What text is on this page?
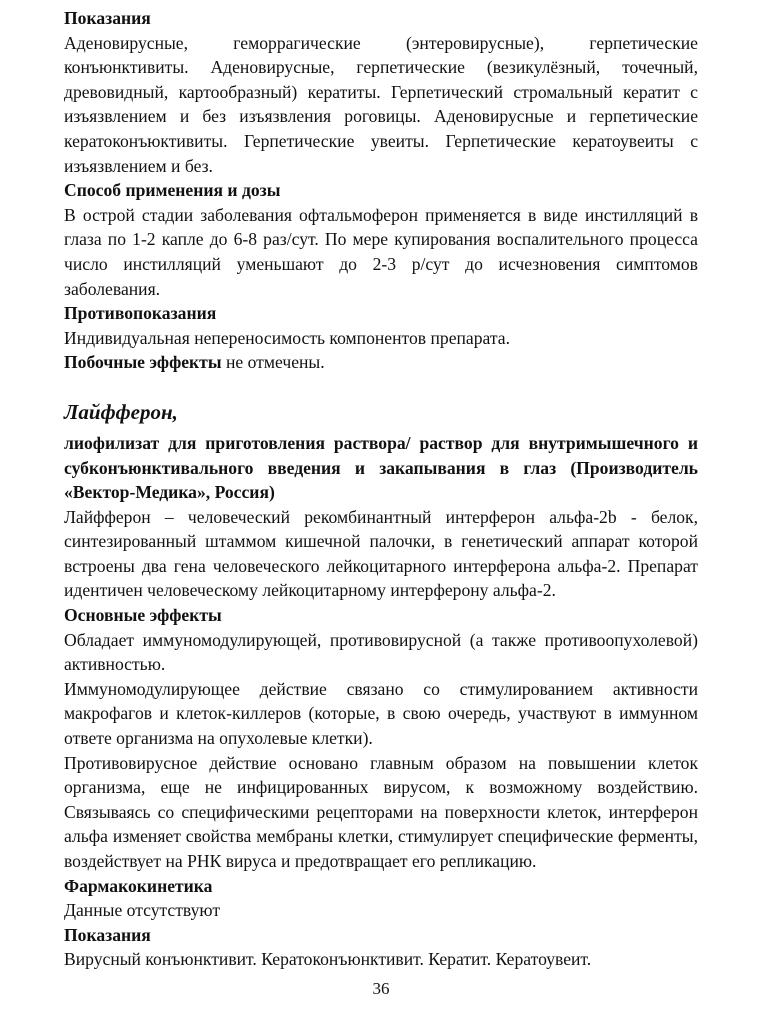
Показания

Аденовирусные, геморрагические (энтеровирусные), герпетические конъюнктивиты. Аденовирусные, герпетические (везикулёзный, точечный, древовидный, картообразный) кератиты. Герпетический стромальный кератит с изъязвлением и без изъязвления роговицы. Аденовирусные и герпетические кератоконъюктивиты. Герпетические увеиты. Герпетические кератоувеиты с изъязвлением и без.

Способ применения и дозы

В острой стадии заболевания офтальмоферон применяется в виде инстилляций в глаза по 1-2 капле до 6-8 раз/сут. По мере купирования воспалительного процесса число инстилляций уменьшают до 2-3 р/сут до исчезновения симптомов заболевания.

Противопоказания

Индивидуальная непереносимость компонентов препарата.

Побочные эффекты не отмечены.

Лайфферон,

лиофилизат для приготовления раствора/ раствор для внутримышечного и субконъюнктивального введения и закапывания в глаз (Производитель «Вектор-Медика», Россия)

Лайфферон – человеческий рекомбинантный интерферон альфа-2b - белок, синтезированный штаммом кишечной палочки, в генетический аппарат которой встроены два гена человеческого лейкоцитарного интерферона альфа-2. Препарат идентичен человеческому лейкоцитарному интерферону альфа-2.

Основные эффекты

Обладает иммуномодулирующей, противовирусной (а также противоопухолевой) активностью.

Иммуномодулирующее действие связано со стимулированием активности макрофагов и клеток-киллеров (которые, в свою очередь, участвуют в иммунном ответе организма на опухолевые клетки).

Противовирусное действие основано главным образом на повышении клеток организма, еще не инфицированных вирусом, к возможному воздействию. Связываясь со специфическими рецепторами на поверхности клеток, интерферон альфа изменяет свойства мембраны клетки, стимулирует специфические ферменты, воздействует на РНК вируса и предотвращает его репликацию.

Фармакокинетика

Данные отсутствуют

Показания

Вирусный конъюнктивит. Кератоконъюнктивит. Кератит. Кератоувеит.

36
